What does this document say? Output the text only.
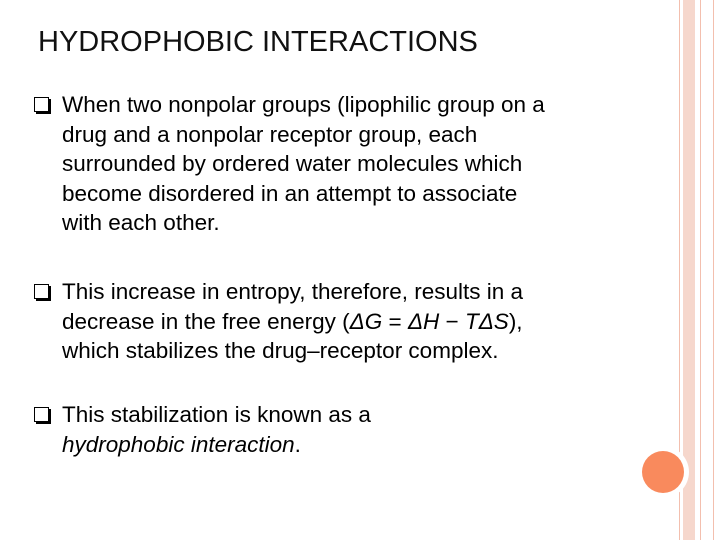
HYDROPHOBIC INTERACTIONS
When two nonpolar groups (lipophilic group on a
drug and a nonpolar receptor group, each
surrounded by ordered water molecules which
become disordered in an attempt to associate
with each other.
This increase in entropy, therefore, results in a
decrease in the free energy (ΔG = ΔH − TΔS),
which stabilizes the drug–receptor complex.
This stabilization is known as a
hydrophobic interaction.
